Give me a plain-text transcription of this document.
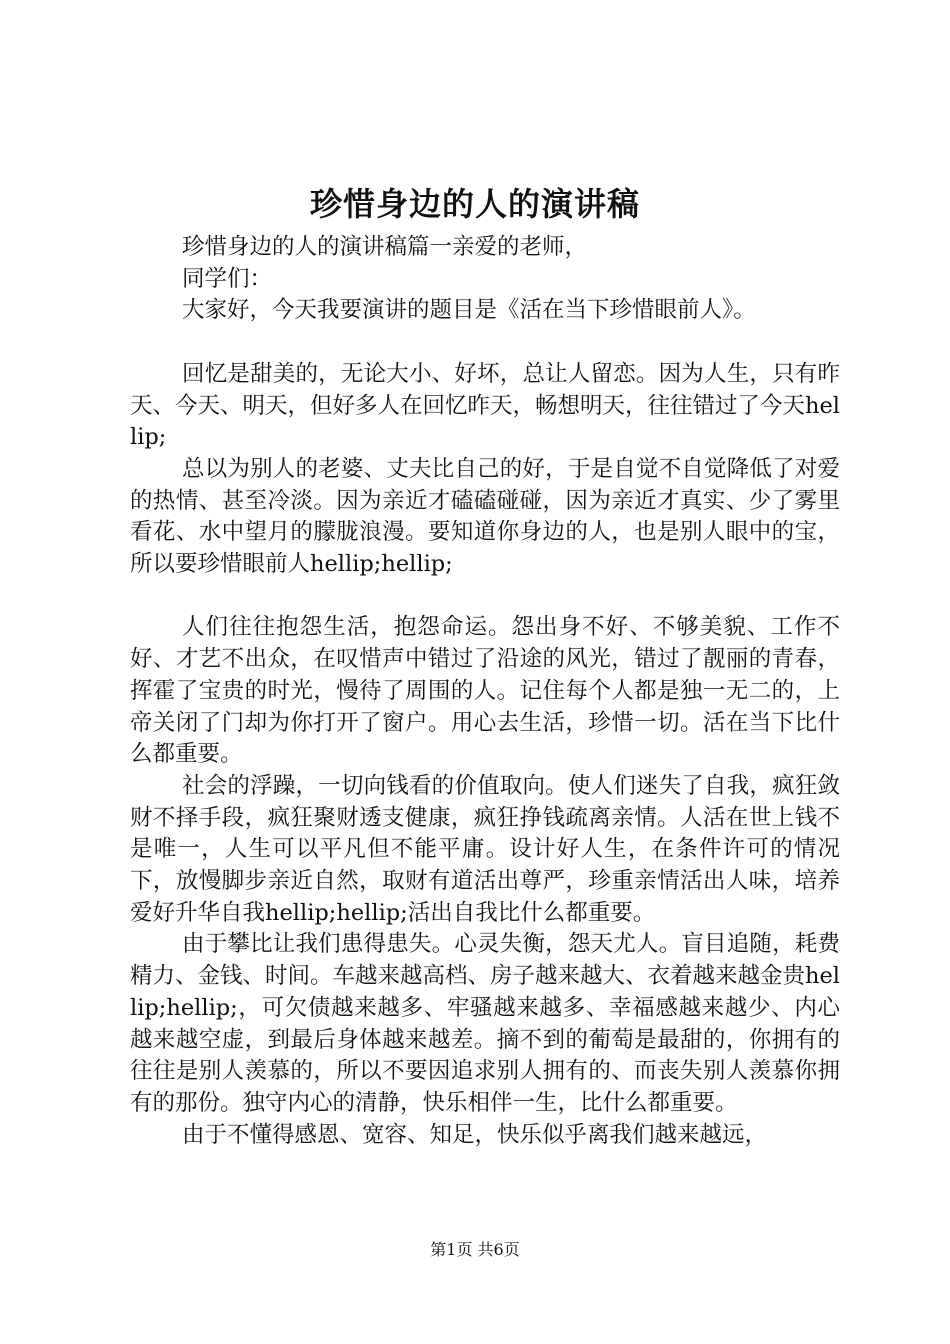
珍惜身边的人的演讲稿

珍惜身边的人的演讲稿篇一亲爱的老师，

同学们：

大家好，今天我要演讲的题目是《活在当下珍惜眼前人》。

回忆是甜美的，无论大小、好坏，总让人留恋。因为人生，只有昨天、今天、明天，但好多人在回忆昨天，畅想明天，往往错过了今天hellip;

总以为别人的老婆、丈夫比自己的好，于是自觉不自觉降低了对爱的热情、甚至冷淡。因为亲近才磕磕碰碰，因为亲近才真实、少了雾里看花、水中望月的朦胧浪漫。要知道你身边的人，也是别人眼中的宝，所以要珍惜眼前人hellip;hellip;

人们往往抱怨生活，抱怨命运。怨出身不好、不够美貌、工作不好、才艺不出众，在叹惜声中错过了沿途的风光，错过了靓丽的青春，挥霍了宝贵的时光，慢待了周围的人。记住每个人都是独一无二的，上帝关闭了门却为你打开了窗户。用心去生活，珍惜一切。活在当下比什么都重要。

社会的浮躁，一切向钱看的价值取向。使人们迷失了自我，疯狂敛财不择手段，疯狂聚财透支健康，疯狂挣钱疏离亲情。人活在世上钱不是唯一，人生可以平凡但不能平庸。设计好人生，在条件许可的情况下，放慢脚步亲近自然，取财有道活出尊严，珍重亲情活出人味，培养爱好升华自我hellip;hellip;活出自我比什么都重要。

由于攀比让我们患得患失。心灵失衡，怨天尤人。盲目追随，耗费精力、金钱、时间。车越来越高档、房子越来越大、衣着越来越金贵hellip;hellip;，可欠债越来越多、牢骚越来越多、幸福感越来越少、内心越来越空虚，到最后身体越来越差。摘不到的葡萄是最甜的，你拥有的往往是别人羡慕的，所以不要因追求别人拥有的、而丧失别人羡慕你拥有的那份。独守内心的清静，快乐相伴一生，比什么都重要。

由于不懂得感恩、宽容、知足，快乐似乎离我们越来越远，

第1页 共6页
